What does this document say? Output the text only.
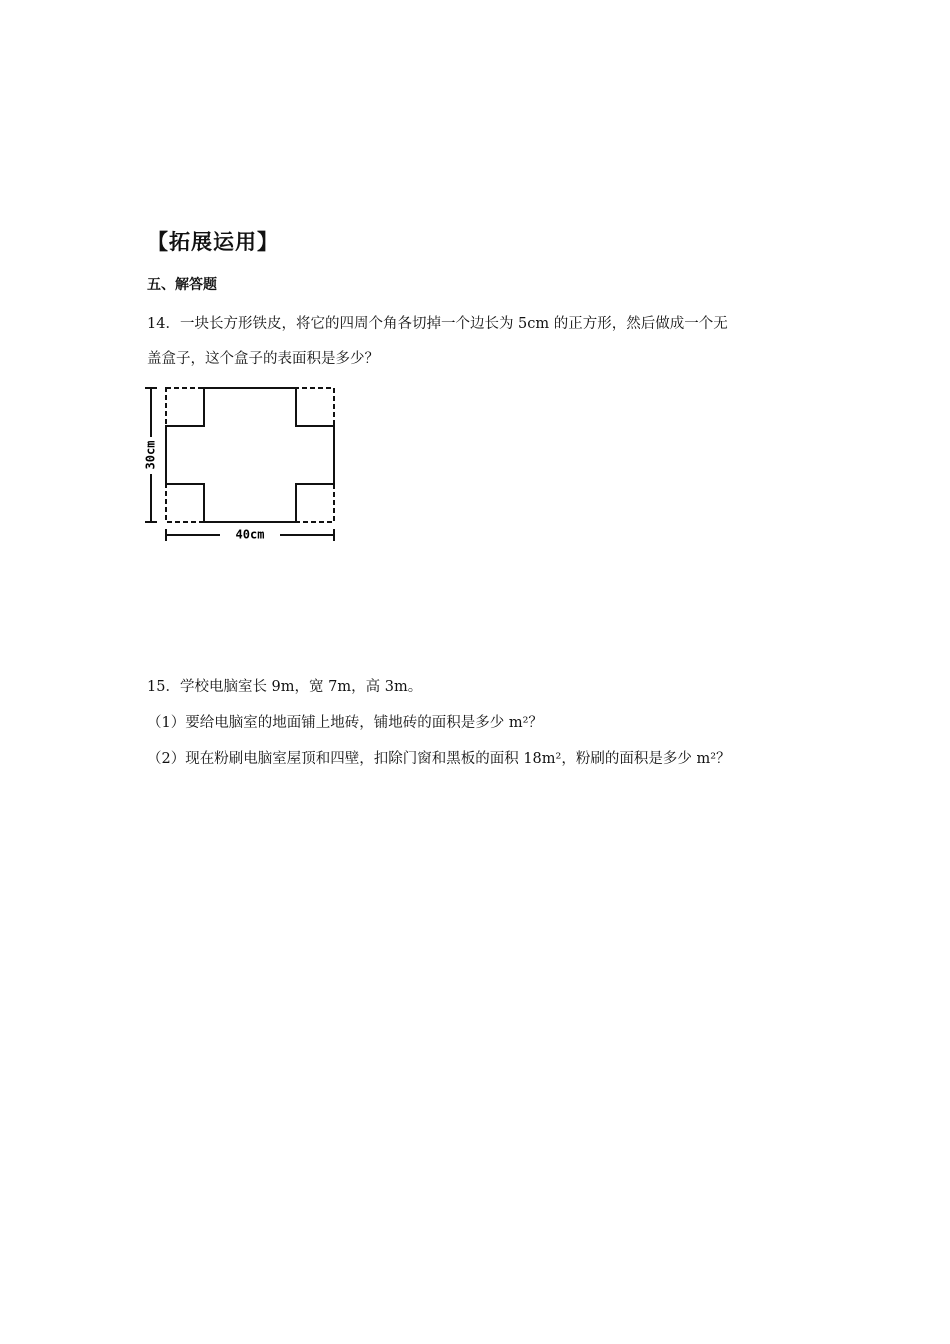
【拓展运用】
五、解答题
14．一块长方形铁皮，将它的四周个角各切掉一个边长为 5cm 的正方形，然后做成一个无
盖盒子，这个盒子的表面积是多少？
30cm
40cm
15．学校电脑室长 9m，宽 7m，高 3m。
（1）要给电脑室的地面铺上地砖，铺地砖的面积是多少 m²？
（2）现在粉刷电脑室屋顶和四壁，扣除门窗和黑板的面积 18m²，粉刷的面积是多少 m²？
